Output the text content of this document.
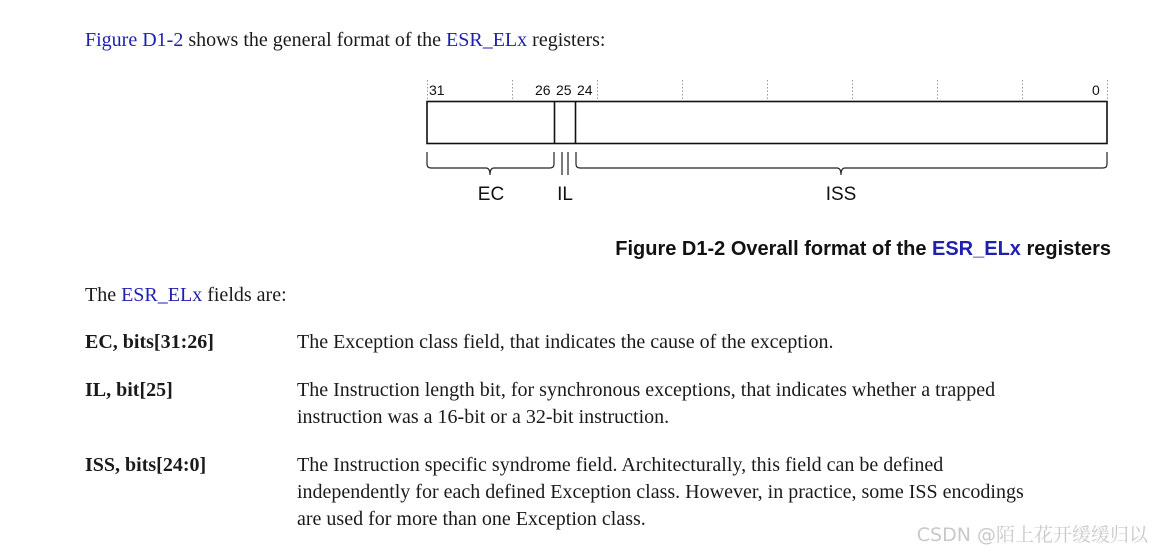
Figure D1-2 shows the general format of the ESR_ELx registers:
31	26 25 24	0
EC	IL	ISS
Figure D1-2 Overall format of the ESR_ELx registers
The ESR_ELx fields are:
EC, bits[31:26]	The Exception class field, that indicates the cause of the exception.
IL, bit[25]	The Instruction length bit, for synchronous exceptions, that indicates whether a trapped
instruction was a 16-bit or a 32-bit instruction.
ISS, bits[24:0]	The Instruction specific syndrome field. Architecturally, this field can be defined
independently for each defined Exception class. However, in practice, some ISS encodings
are used for more than one Exception class.
CSDN @陌上花开缓缓归以
